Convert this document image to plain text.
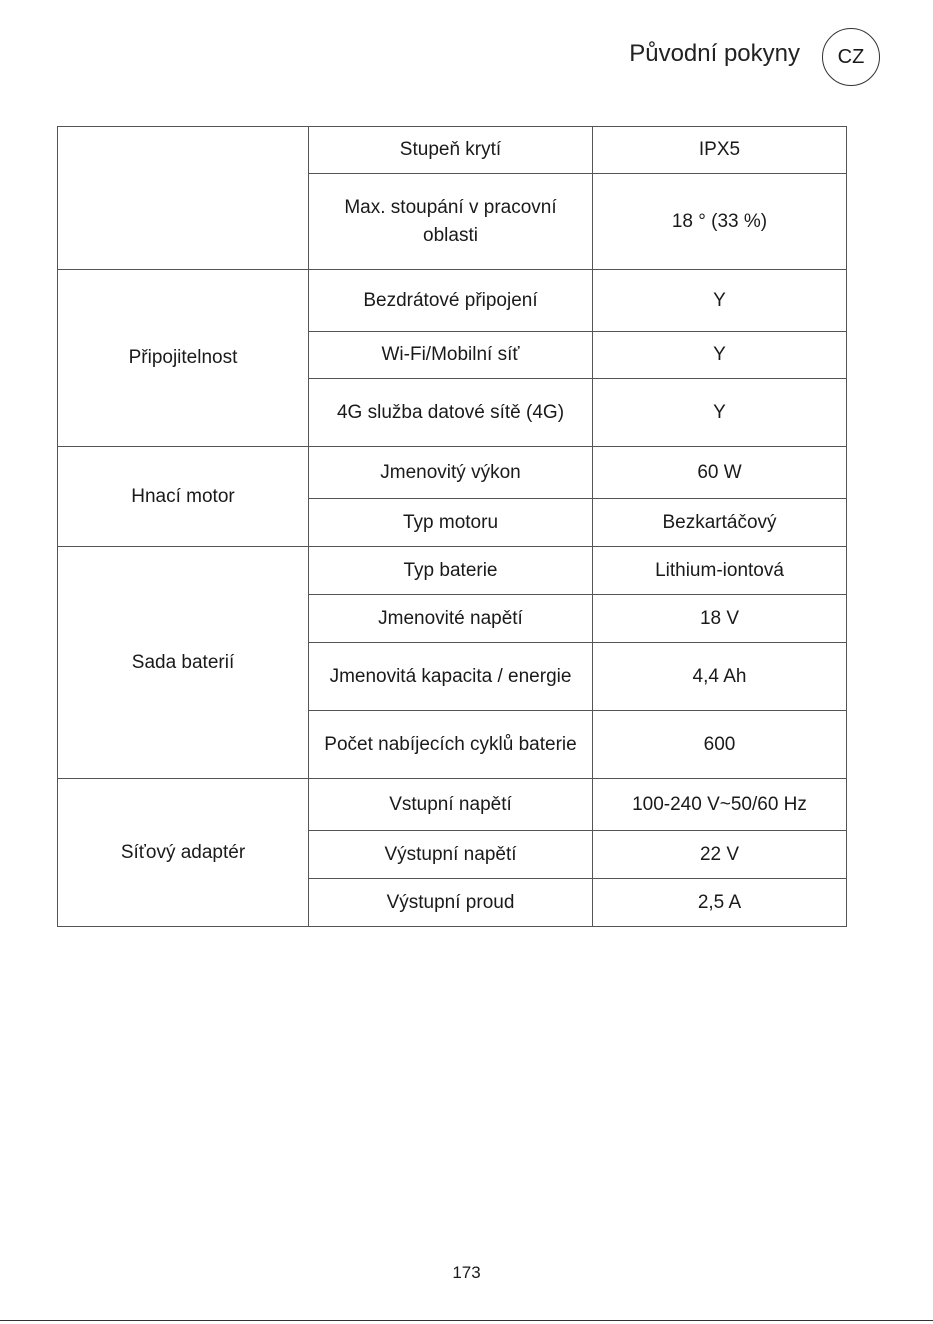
Původní pokyny	CZ
	Stupeň krytí	IPX5
	Max. stoupání v pracovní oblasti	18 ° (33 %)
Připojitelnost	Bezdrátové připojení	Y
	Wi-Fi/Mobilní síť	Y
	4G služba datové sítě (4G)	Y
Hnací motor	Jmenovitý výkon	60 W
	Typ motoru	Bezkartáčový
Sada baterií	Typ baterie	Lithium-iontová
	Jmenovité napětí	18 V
	Jmenovitá kapacita / energie	4,4 Ah
	Počet nabíjecích cyklů baterie	600
Síťový adaptér	Vstupní napětí	100-240 V~50/60 Hz
	Výstupní napětí	22 V
	Výstupní proud	2,5 A
173
